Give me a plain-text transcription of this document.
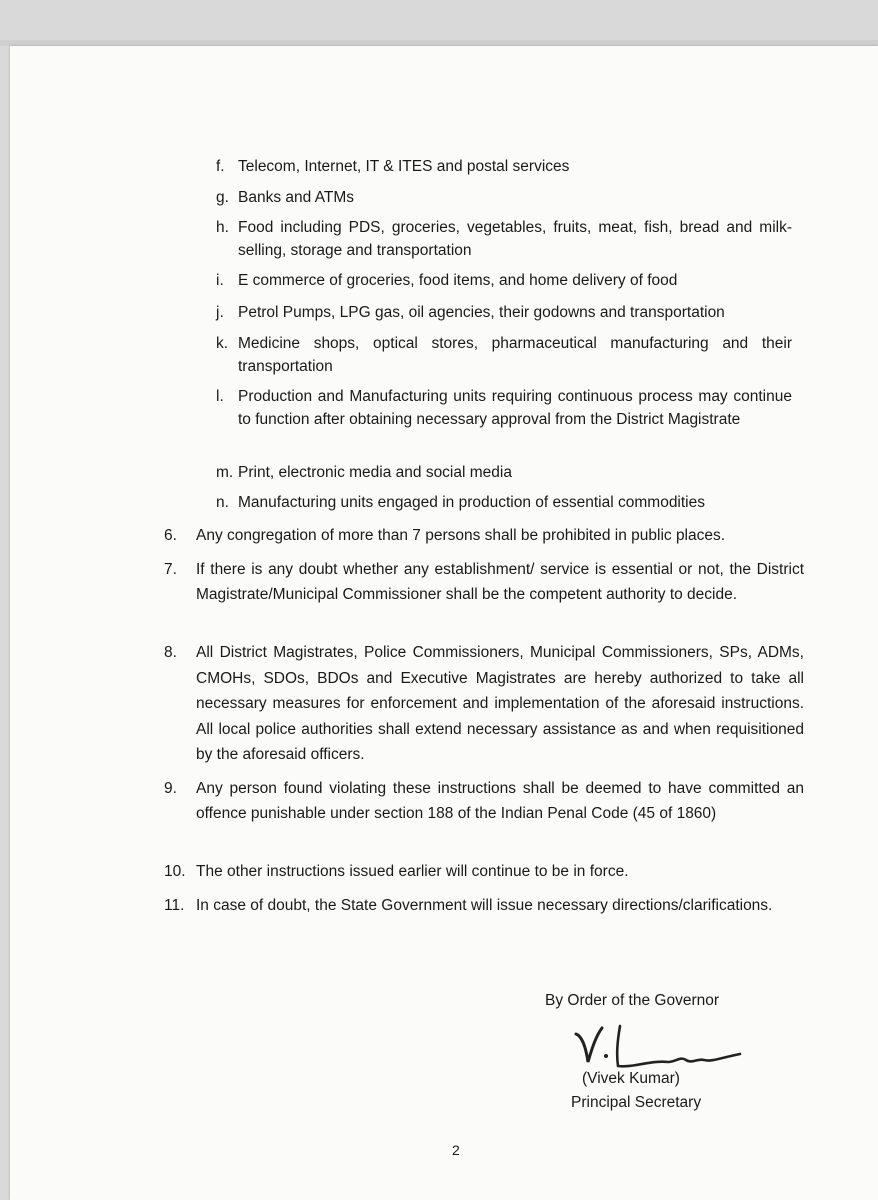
f. Telecom, Internet, IT & ITES and postal services
g. Banks and ATMs
h. Food including PDS, groceries, vegetables, fruits, meat, fish, bread and milk- selling, storage and transportation
i. E commerce of groceries, food items, and home delivery of food
j. Petrol Pumps, LPG gas, oil agencies, their godowns and transportation
k. Medicine shops, optical stores, pharmaceutical manufacturing and their transportation
l. Production and Manufacturing units requiring continuous process may continue to function after obtaining necessary approval from the District Magistrate
m. Print, electronic media and social media
n. Manufacturing units engaged in production of essential commodities
6. Any congregation of more than 7 persons shall be prohibited in public places.
7. If there is any doubt whether any establishment/ service is essential or not, the District Magistrate/Municipal Commissioner shall be the competent authority to decide.
8. All District Magistrates, Police Commissioners, Municipal Commissioners, SPs, ADMs, CMOHs, SDOs, BDOs and Executive Magistrates are hereby authorized to take all necessary measures for enforcement and implementation of the aforesaid instructions. All local police authorities shall extend necessary assistance as and when requisitioned by the aforesaid officers.
9. Any person found violating these instructions shall be deemed to have committed an offence punishable under section 188 of the Indian Penal Code (45 of 1860)
10. The other instructions issued earlier will continue to be in force.
11. In case of doubt, the State Government will issue necessary directions/clarifications.
By Order of the Governor
(Vivek Kumar)
Principal Secretary
2
